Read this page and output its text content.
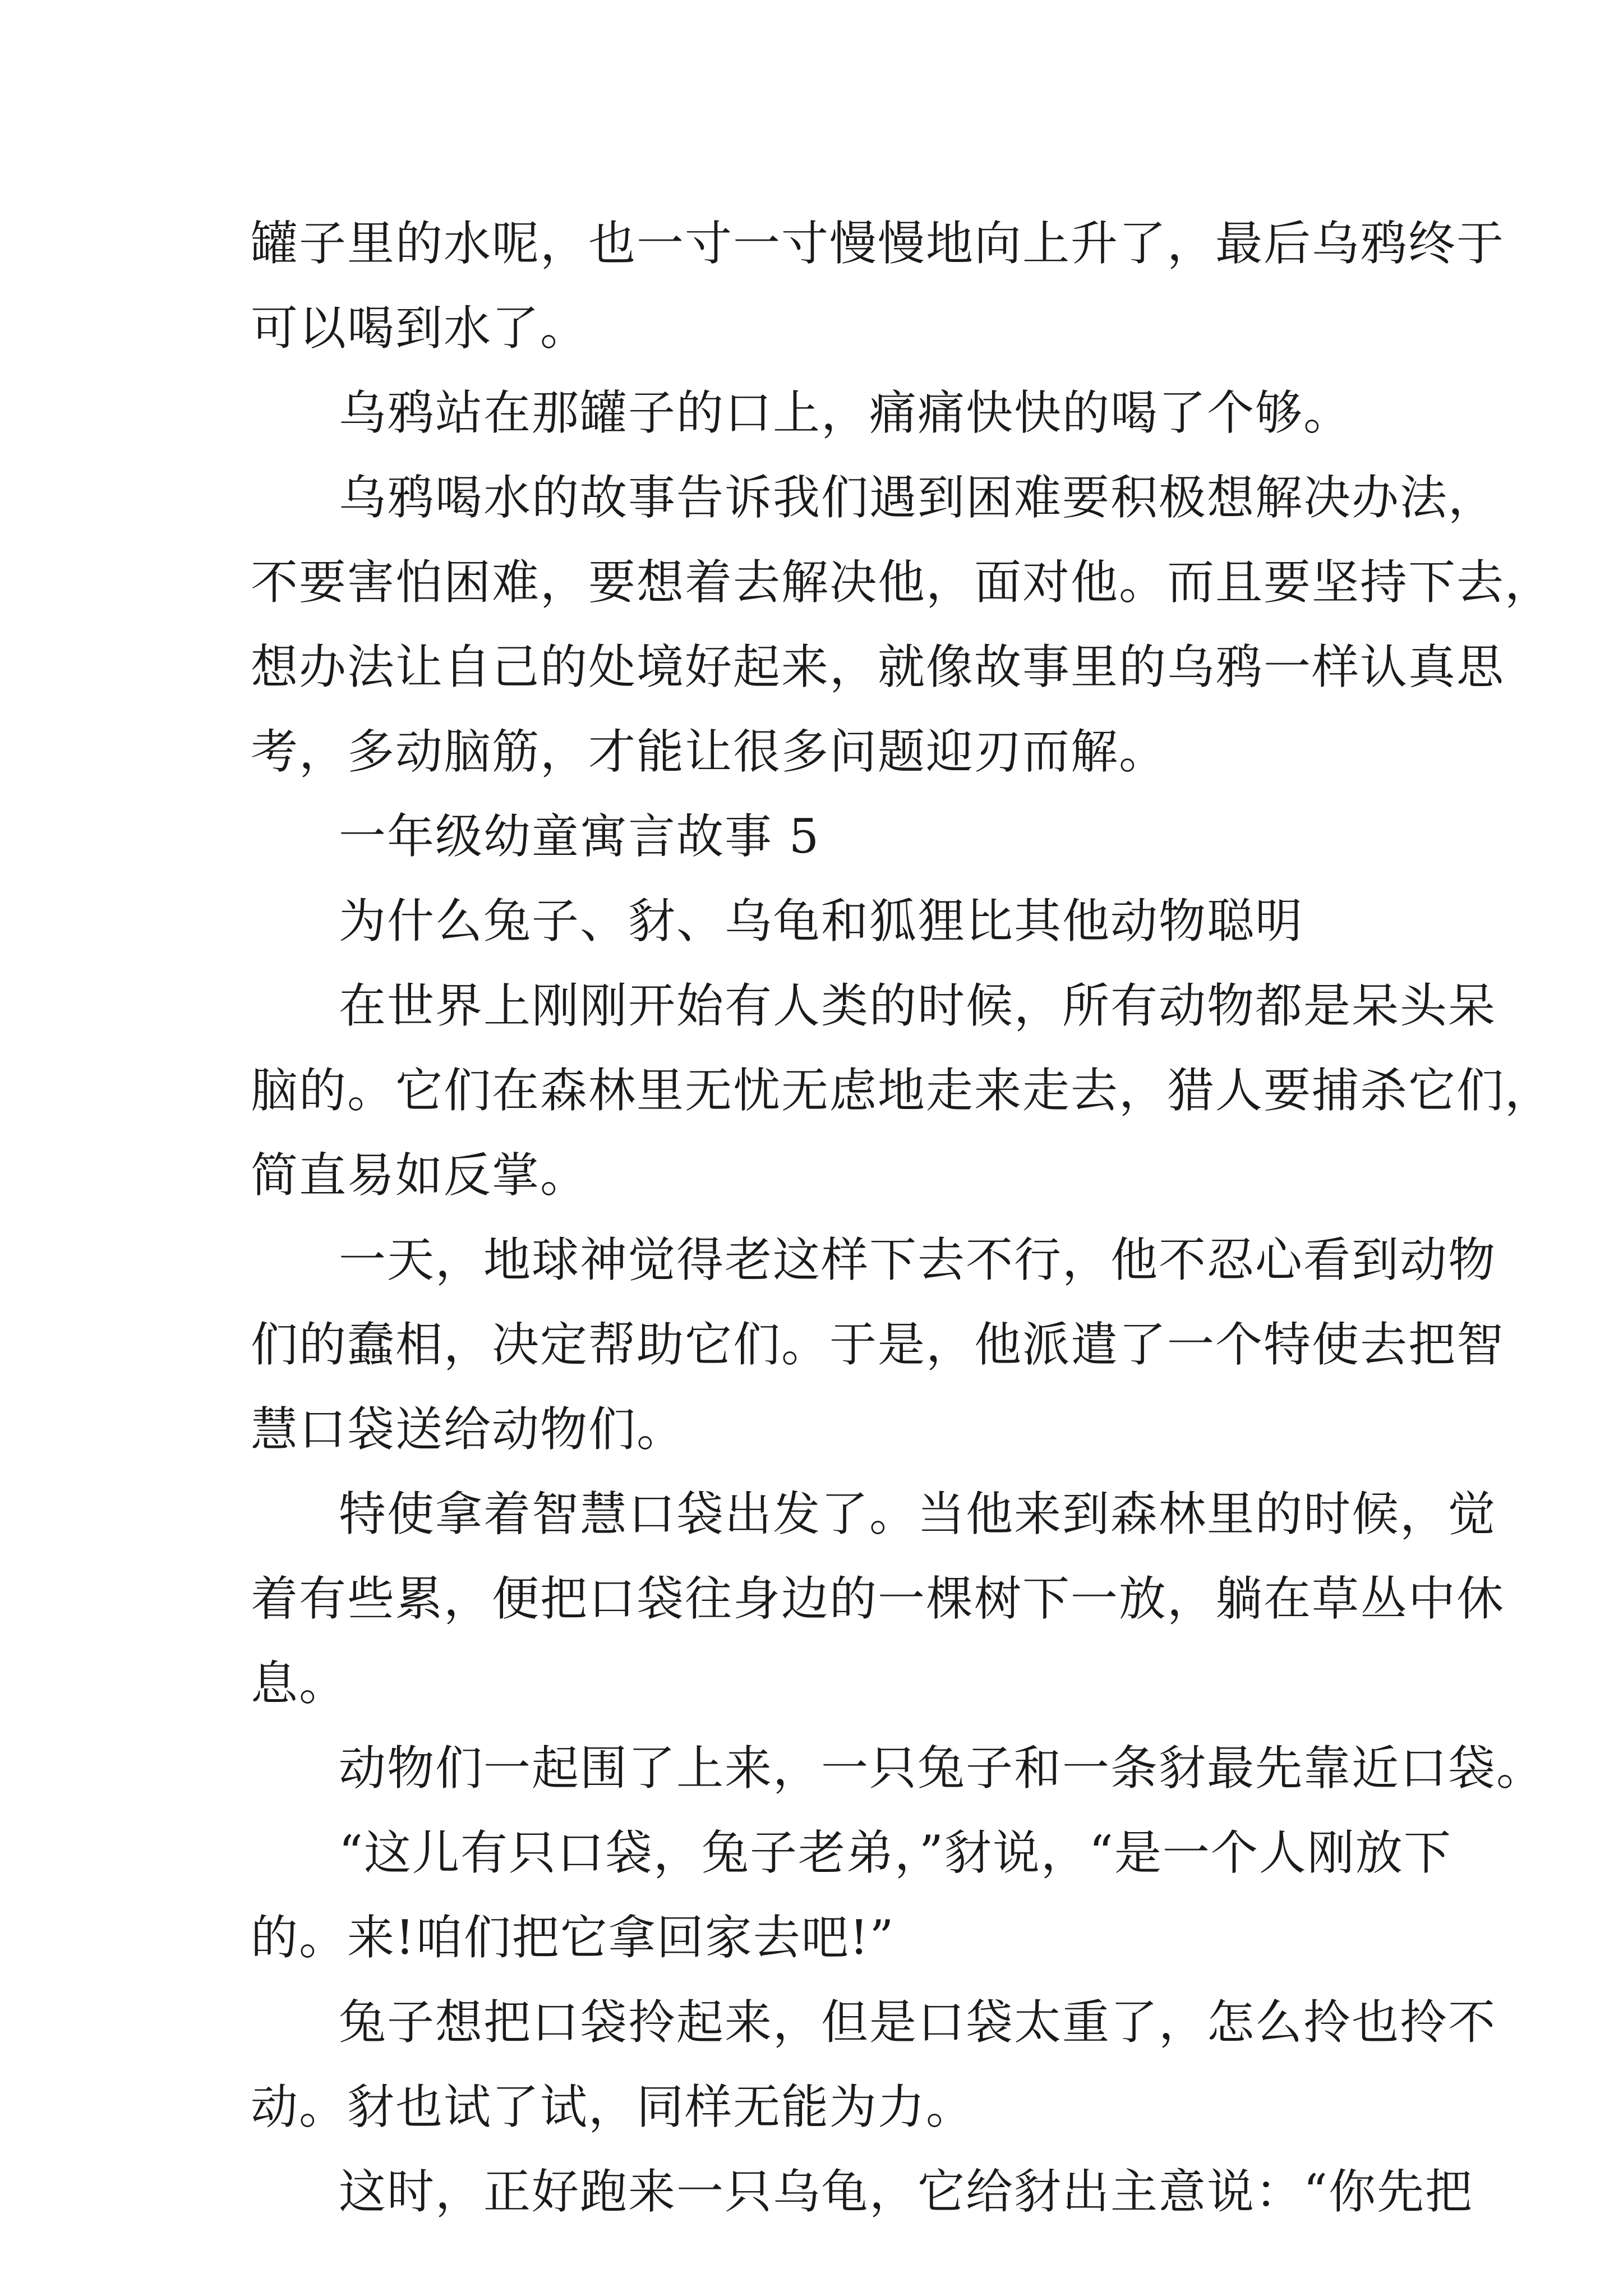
罐子里的水呢，也一寸一寸慢慢地向上升了，最后乌鸦终于
可以喝到水了。
乌鸦站在那罐子的口上，痛痛快快的喝了个够。
乌鸦喝水的故事告诉我们遇到困难要积极想解决办法，
不要害怕困难，要想着去解决他，面对他。而且要坚持下去，
想办法让自己的处境好起来，就像故事里的乌鸦一样认真思
考，多动脑筋，才能让很多问题迎刃而解。
一年级幼童寓言故事 5
为什么兔子、豺、乌龟和狐狸比其他动物聪明
在世界上刚刚开始有人类的时候，所有动物都是呆头呆
脑的。它们在森林里无忧无虑地走来走去，猎人要捕杀它们，
简直易如反掌。
一天，地球神觉得老这样下去不行，他不忍心看到动物
们的蠢相，决定帮助它们。于是，他派遣了一个特使去把智
慧口袋送给动物们。
特使拿着智慧口袋出发了。当他来到森林里的时候，觉
着有些累，便把口袋往身边的一棵树下一放，躺在草丛中休
息。
动物们一起围了上来，一只兔子和一条豺最先靠近口袋。
“这儿有只口袋，兔子老弟，”豺说，“是一个人刚放下
的。来!咱们把它拿回家去吧!”
兔子想把口袋拎起来，但是口袋太重了，怎么拎也拎不
动。豺也试了试，同样无能为力。
这时，正好跑来一只乌龟，它给豺出主意说：“你先把
